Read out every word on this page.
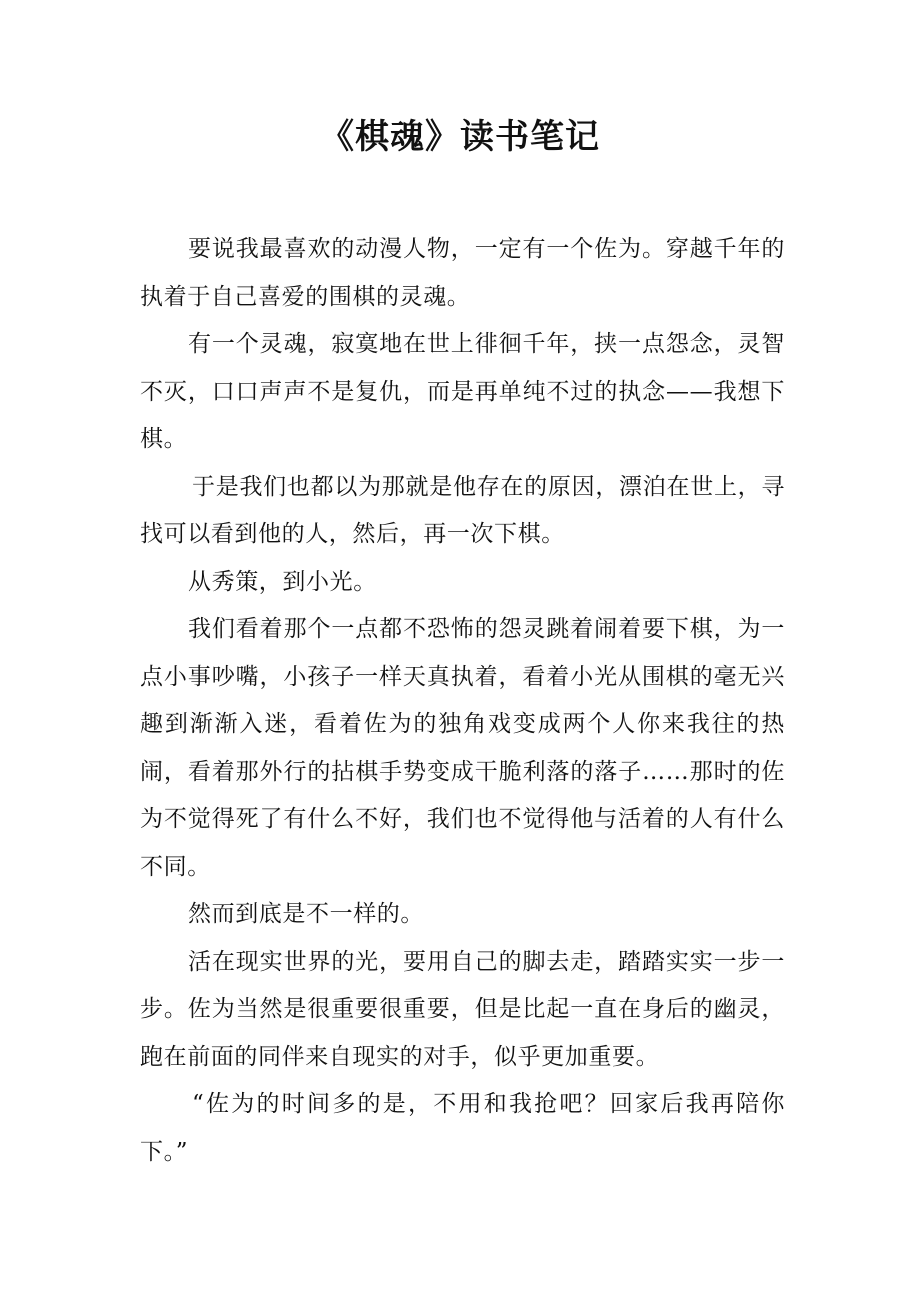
《棋魂》读书笔记

要说我最喜欢的动漫人物，一定有一个佐为。穿越千年的执着于自己喜爱的围棋的灵魂。

有一个灵魂，寂寞地在世上徘徊千年，挟一点怨念，灵智不灭，口口声声不是复仇，而是再单纯不过的执念——我想下棋。

于是我们也都以为那就是他存在的原因，漂泊在世上，寻找可以看到他的人，然后，再一次下棋。

从秀策，到小光。

我们看着那个一点都不恐怖的怨灵跳着闹着要下棋，为一点小事吵嘴，小孩子一样天真执着，看着小光从围棋的毫无兴趣到渐渐入迷，看着佐为的独角戏变成两个人你来我往的热闹，看着那外行的拈棋手势变成干脆利落的落子……那时的佐为不觉得死了有什么不好，我们也不觉得他与活着的人有什么不同。

然而到底是不一样的。

活在现实世界的光，要用自己的脚去走，踏踏实实一步一步。佐为当然是很重要很重要，但是比起一直在身后的幽灵，跑在前面的同伴来自现实的对手，似乎更加重要。

“佐为的时间多的是，不用和我抢吧？回家后我再陪你下。”
